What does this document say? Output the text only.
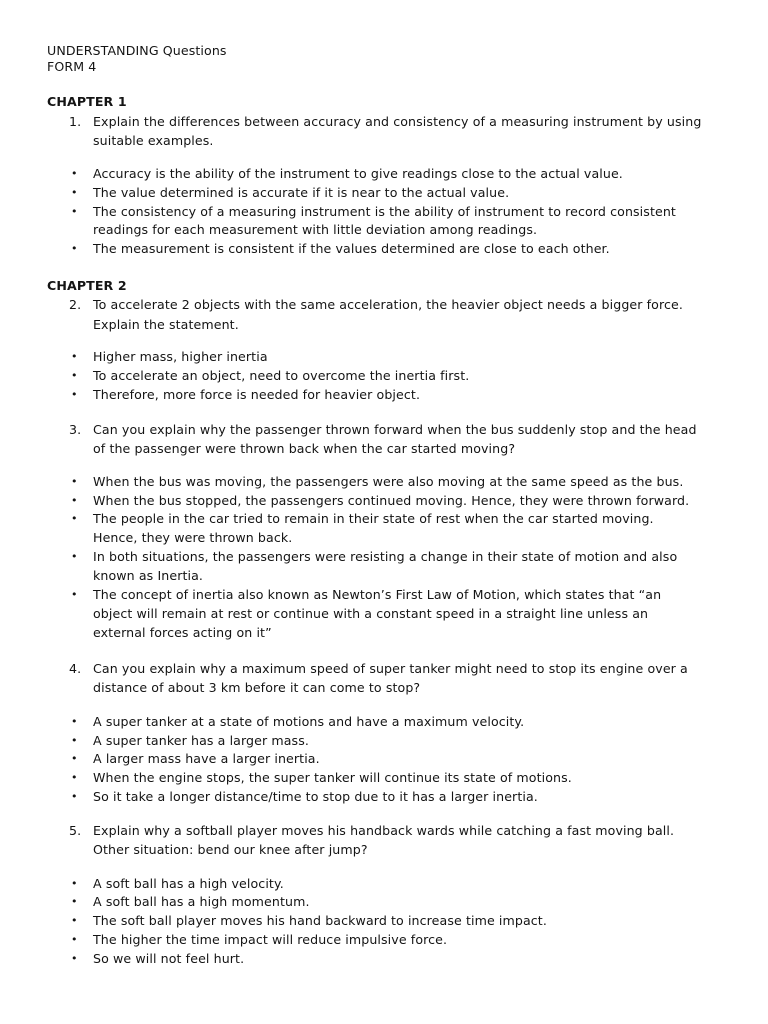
UNDERSTANDING Questions
FORM 4
CHAPTER 1
1. Explain the differences between accuracy and consistency of a measuring instrument by using
suitable examples.
• Accuracy is the ability of the instrument to give readings close to the actual value.
• The value determined is accurate if it is near to the actual value.
• The consistency of a measuring instrument is the ability of instrument to record consistent
readings for each measurement with little deviation among readings.
• The measurement is consistent if the values determined are close to each other.
CHAPTER 2
2. To accelerate 2 objects with the same acceleration, the heavier object needs a bigger force.
Explain the statement.
• Higher mass, higher inertia
• To accelerate an object, need to overcome the inertia first.
• Therefore, more force is needed for heavier object.
3. Can you explain why the passenger thrown forward when the bus suddenly stop and the head
of the passenger were thrown back when the car started moving?
• When the bus was moving, the passengers were also moving at the same speed as the bus.
• When the bus stopped, the passengers continued moving. Hence, they were thrown forward.
• The people in the car tried to remain in their state of rest when the car started moving.
Hence, they were thrown back.
• In both situations, the passengers were resisting a change in their state of motion and also
known as Inertia.
• The concept of inertia also known as Newton’s First Law of Motion, which states that “an
object will remain at rest or continue with a constant speed in a straight line unless an
external forces acting on it”
4. Can you explain why a maximum speed of super tanker might need to stop its engine over a
distance of about 3 km before it can come to stop?
• A super tanker at a state of motions and have a maximum velocity.
• A super tanker has a larger mass.
• A larger mass have a larger inertia.
• When the engine stops, the super tanker will continue its state of motions.
• So it take a longer distance/time to stop due to it has a larger inertia.
5. Explain why a softball player moves his handback wards while catching a fast moving ball.
Other situation: bend our knee after jump?
• A soft ball has a high velocity.
• A soft ball has a high momentum.
• The soft ball player moves his hand backward to increase time impact.
• The higher the time impact will reduce impulsive force.
• So we will not feel hurt.
